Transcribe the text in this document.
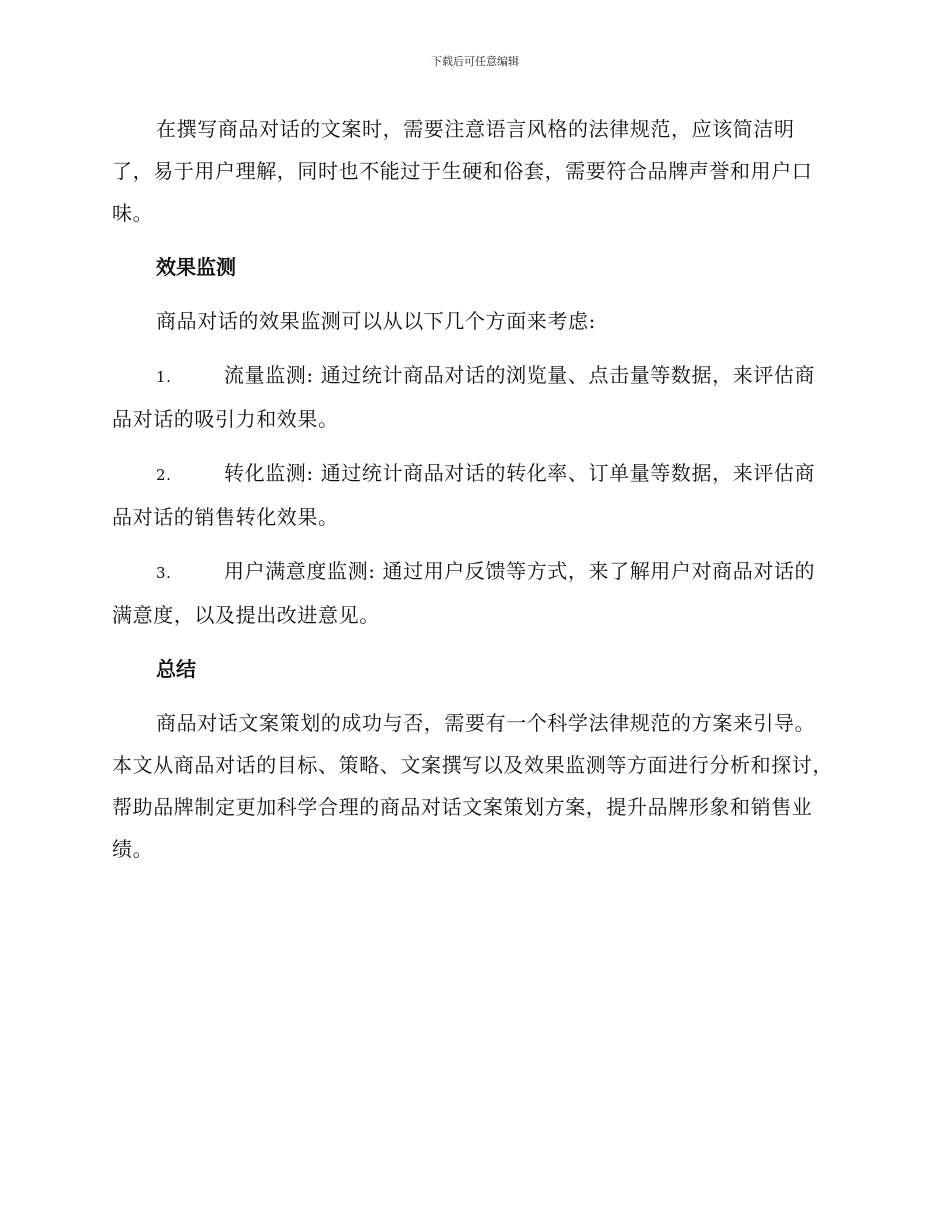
下载后可任意编辑

在撰写商品对话的文案时，需要注意语言风格的法律规范，应该简洁明了，易于用户理解，同时也不能过于生硬和俗套，需要符合品牌声誉和用户口味。

效果监测

商品对话的效果监测可以从以下几个方面来考虑:

1.	流量监测: 通过统计商品对话的浏览量、点击量等数据，来评估商品对话的吸引力和效果。

2.	转化监测: 通过统计商品对话的转化率、订单量等数据，来评估商品对话的销售转化效果。

3.	用户满意度监测: 通过用户反馈等方式，来了解用户对商品对话的满意度，以及提出改进意见。

总结

商品对话文案策划的成功与否，需要有一个科学法律规范的方案来引导。本文从商品对话的目标、策略、文案撰写以及效果监测等方面进行分析和探讨，帮助品牌制定更加科学合理的商品对话文案策划方案，提升品牌形象和销售业绩。
